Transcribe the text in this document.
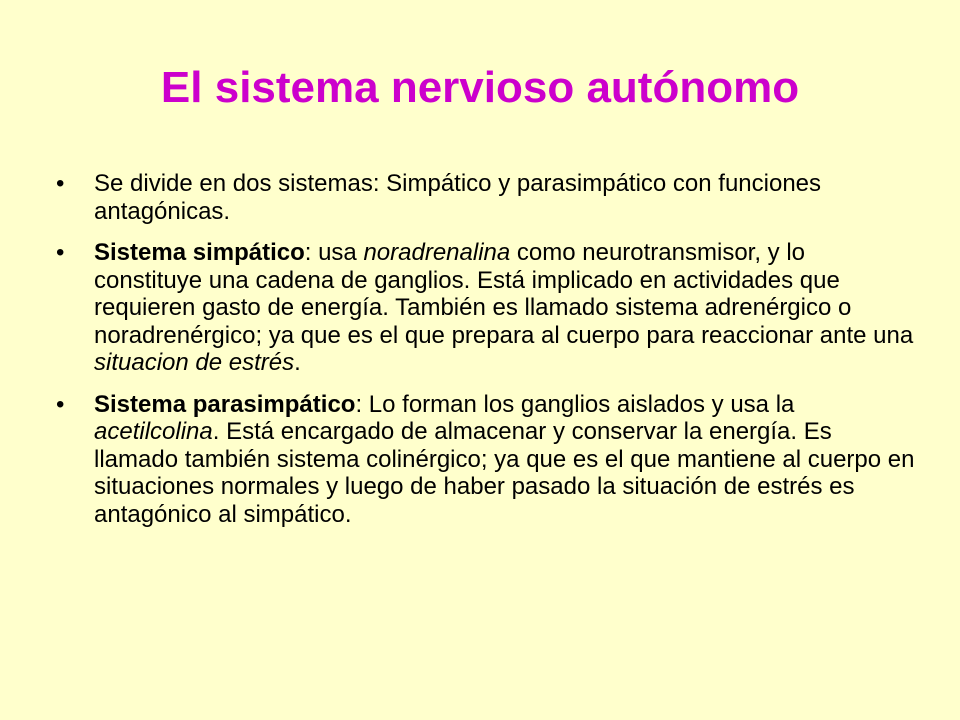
El sistema nervioso autónomo
•	Se divide en dos sistemas: Simpático y parasimpático con funciones antagónicas.
•	Sistema simpático: usa noradrenalina como neurotransmisor, y lo constituye una cadena de ganglios. Está implicado en actividades que requieren gasto de energía. También es llamado sistema adrenérgico o noradrenérgico; ya que es el que prepara al cuerpo para reaccionar ante una situacion de estrés.
•	Sistema parasimpático: Lo forman los ganglios aislados y usa la acetilcolina. Está encargado de almacenar y conservar la energía. Es llamado también sistema colinérgico; ya que es el que mantiene al cuerpo en situaciones normales y luego de haber pasado la situación de estrés es antagónico al simpático.
